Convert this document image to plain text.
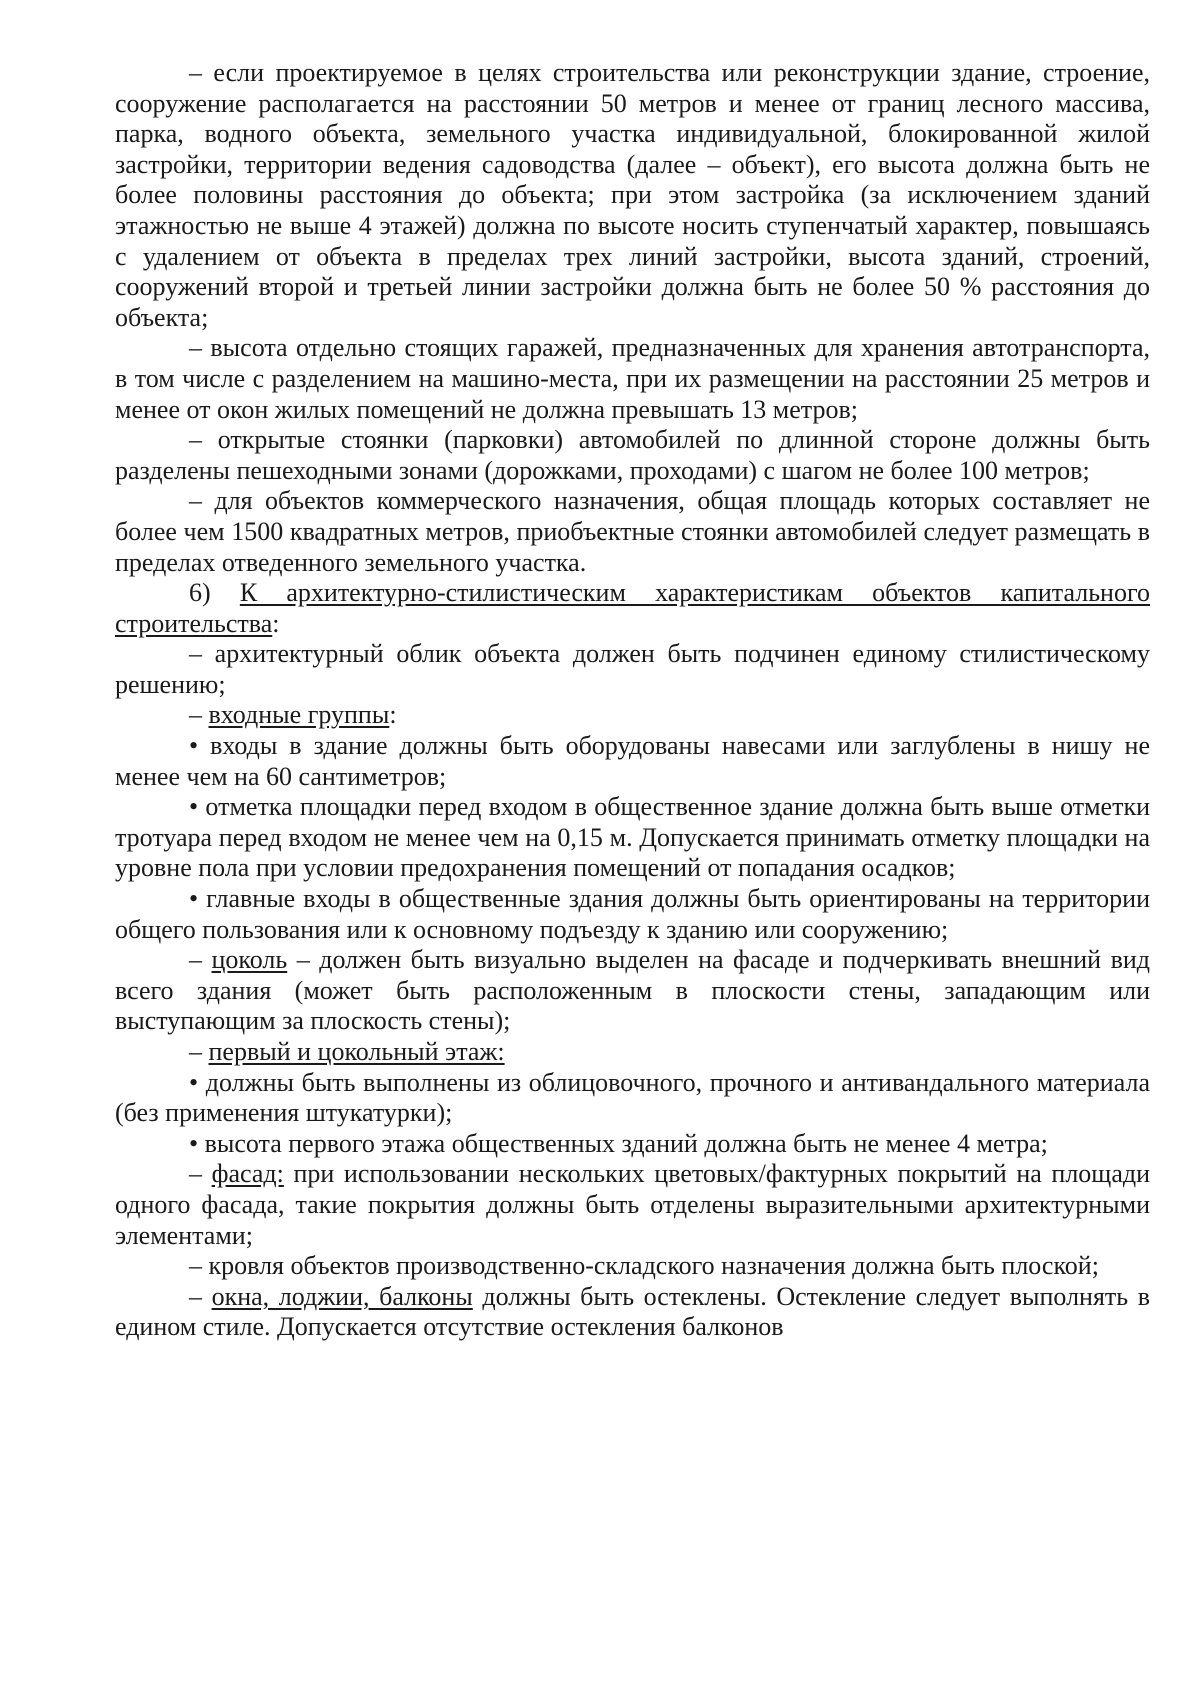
– если проектируемое в целях строительства или реконструкции здание, строение, сооружение располагается на расстоянии 50 метров и менее от границ лесного массива, парка, водного объекта, земельного участка индивидуальной, блокированной жилой застройки, территории ведения садоводства (далее – объект), его высота должна быть не более половины расстояния до объекта; при этом застройка (за исключением зданий этажностью не выше 4 этажей) должна по высоте носить ступенчатый характер, повышаясь с удалением от объекта в пределах трех линий застройки, высота зданий, строений, сооружений второй и третьей линии застройки должна быть не более 50 % расстояния до объекта;

– высота отдельно стоящих гаражей, предназначенных для хранения автотранспорта, в том числе с разделением на машино-места, при их размещении на расстоянии 25 метров и менее от окон жилых помещений не должна превышать 13 метров;

– открытые стоянки (парковки) автомобилей по длинной стороне должны быть разделены пешеходными зонами (дорожками, проходами) с шагом не более 100 метров;

– для объектов коммерческого назначения, общая площадь которых составляет не более чем 1500 квадратных метров, приобъектные стоянки автомобилей следует размещать в пределах отведенного земельного участка.

6) К архитектурно-стилистическим характеристикам объектов капитального строительства:

– архитектурный облик объекта должен быть подчинен единому стилистическому решению;

– входные группы:

• входы в здание должны быть оборудованы навесами или заглублены в нишу не менее чем на 60 сантиметров;

• отметка площадки перед входом в общественное здание должна быть выше отметки тротуара перед входом не менее чем на 0,15 м. Допускается принимать отметку площадки на уровне пола при условии предохранения помещений от попадания осадков;

• главные входы в общественные здания должны быть ориентированы на территории общего пользования или к основному подъезду к зданию или сооружению;

– цоколь – должен быть визуально выделен на фасаде и подчеркивать внешний вид всего здания (может быть расположенным в плоскости стены, западающим или выступающим за плоскость стены);

– первый и цокольный этаж:

• должны быть выполнены из облицовочного, прочного и антивандального материала (без применения штукатурки);

• высота первого этажа общественных зданий должна быть не менее 4 метра;

– фасад: при использовании нескольких цветовых/фактурных покрытий на площади одного фасада, такие покрытия должны быть отделены выразительными архитектурными элементами;

– кровля объектов производственно-складского назначения должна быть плоской;

– окна, лоджии, балконы должны быть остеклены. Остекление следует выполнять в едином стиле. Допускается отсутствие остекления балконов
